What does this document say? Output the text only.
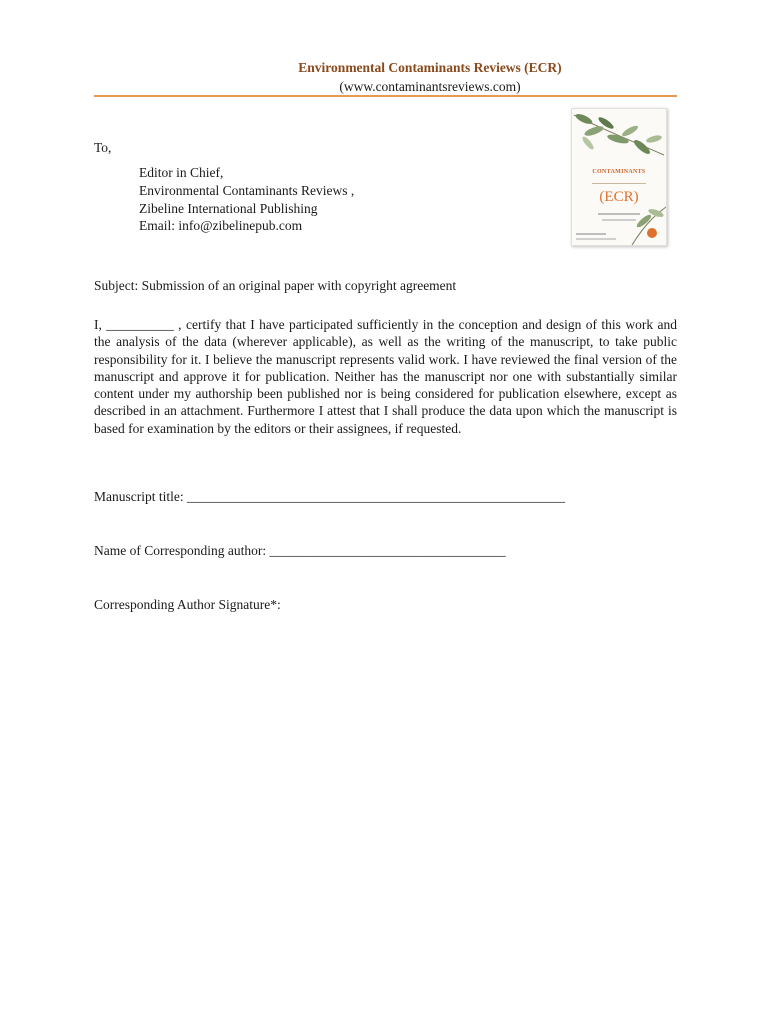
Environmental Contaminants Reviews (ECR)
(www.contaminantsreviews.com)
CONTAMINANTS
(ECR)
To,
Editor in Chief,
Environmental Contaminants Reviews ,
Zibeline International Publishing
Email: info@zibelinepub.com
Subject: Submission of an original paper with copyright agreement
I, __________ , certify that I have participated sufficiently in the conception and design of this work and the analysis of the data (wherever applicable), as well as the writing of the manuscript, to take public responsibility for it. I believe the manuscript represents valid work. I have reviewed the final version of the manuscript and approve it for publication. Neither has the manuscript nor one with substantially similar content under my authorship been published nor is being considered for publication elsewhere, except as described in an attachment. Furthermore I attest that I shall produce the data upon which the manuscript is based for examination by the editors or their assignees, if requested.
Manuscript title: ________________________________________________________
Name of Corresponding author: ___________________________________
Corresponding Author Signature*:
